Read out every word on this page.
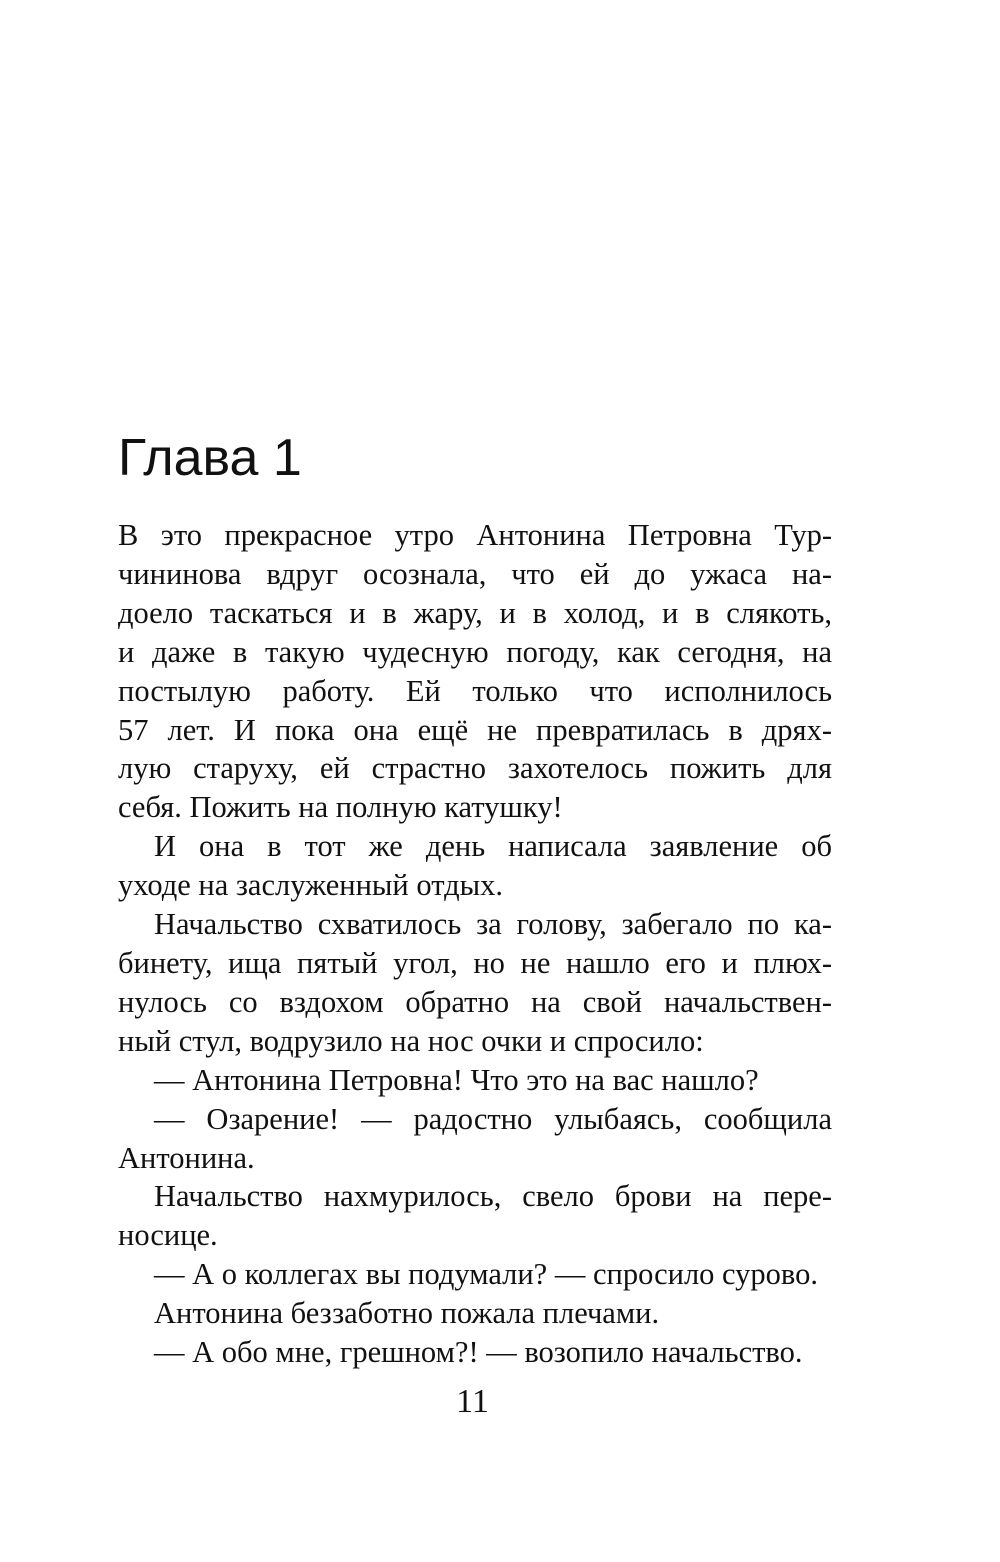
Глава 1
В это прекрасное утро Антонина Петровна Тур-
чининова вдруг осознала, что ей до ужаса на-
доело таскаться и в жару, и в холод, и в слякоть,
и даже в такую чудесную погоду, как сегодня, на
постылую работу. Ей только что исполнилось
57 лет. И пока она ещё не превратилась в дрях-
лую старуху, ей страстно захотелось пожить для
себя. Пожить на полную катушку!
И она в тот же день написала заявление об
уходе на заслуженный отдых.
Начальство схватилось за голову, забегало по ка-
бинету, ища пятый угол, но не нашло его и плюх-
нулось со вздохом обратно на свой начальствен-
ный стул, водрузило на нос очки и спросило:
— Антонина Петровна! Что это на вас нашло?
— Озарение! — радостно улыбаясь, сообщила
Антонина.
Начальство нахмурилось, свело брови на пере-
носице.
— А о коллегах вы подумали? — спросило сурово.
Антонина беззаботно пожала плечами.
— А обо мне, грешном?! — возопило начальство.

11
